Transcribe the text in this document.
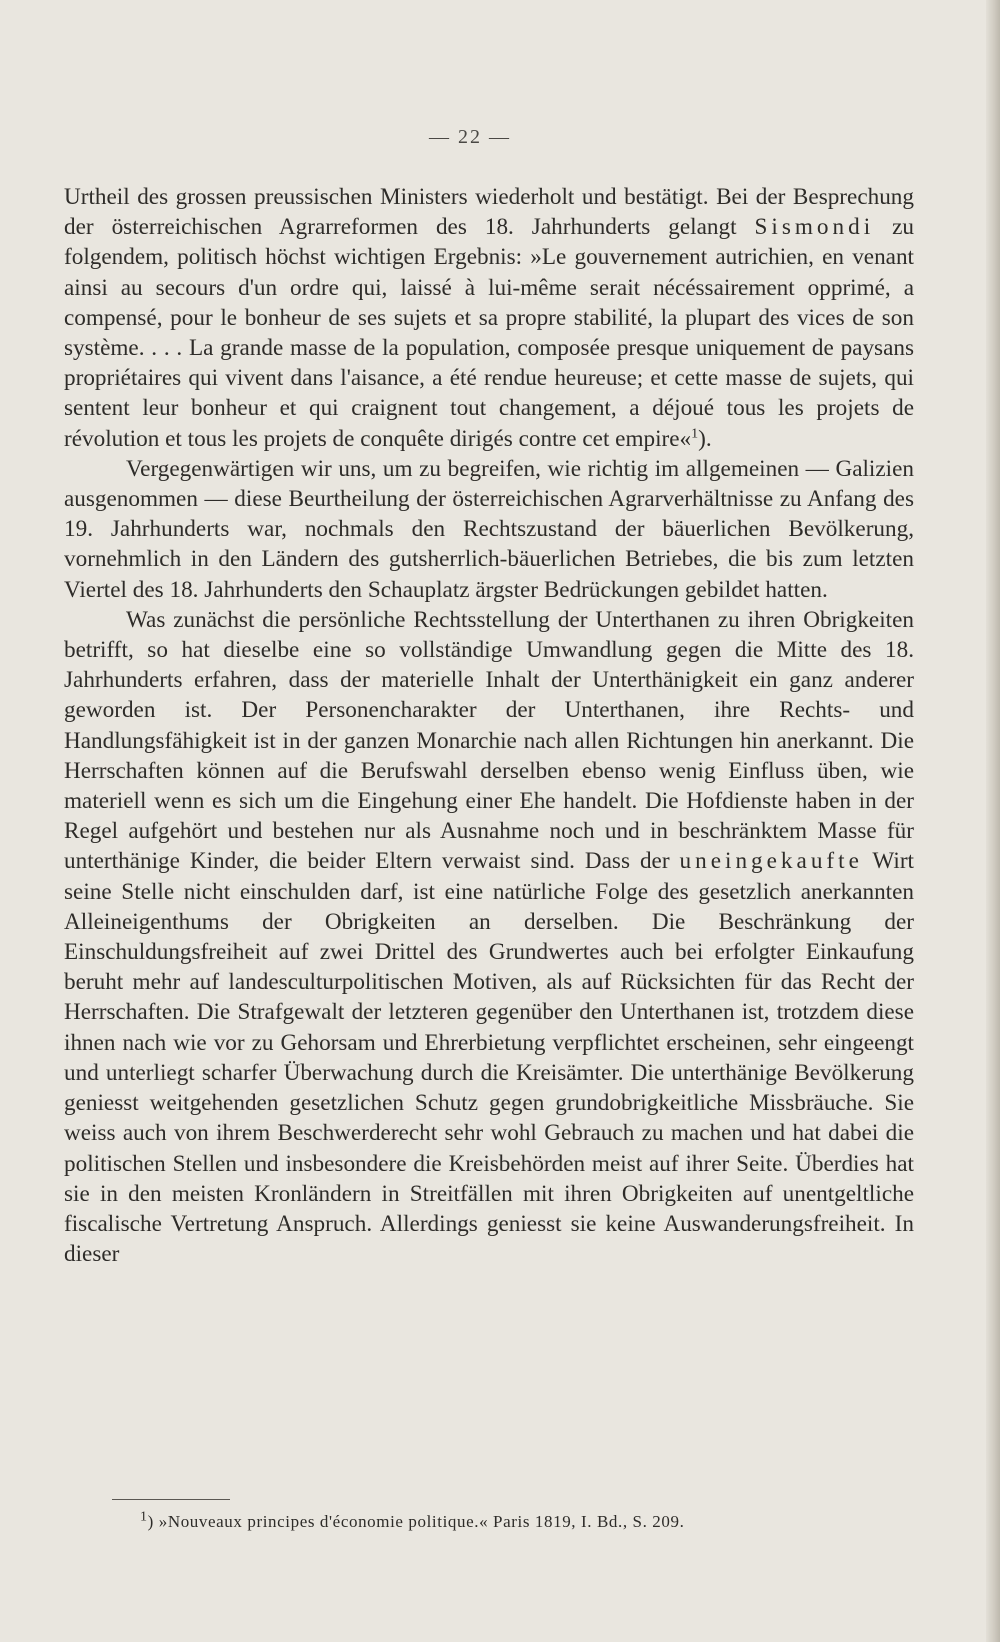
— 22 —

Urtheil des grossen preussischen Ministers wiederholt und bestätigt. Bei der Besprechung der österreichischen Agrarreformen des 18. Jahrhunderts gelangt Sismondi zu folgendem, politisch höchst wichtigen Ergebnis: »Le gouvernement autrichien, en venant ainsi au secours d'un ordre qui, laissé à lui-même serait nécéssairement opprimé, a compensé, pour le bonheur de ses sujets et sa propre stabilité, la plupart des vices de son système. . . . La grande masse de la population, composée presque uniquement de paysans propriétaires qui vivent dans l'aisance, a été rendue heureuse; et cette masse de sujets, qui sentent leur bonheur et qui craignent tout changement, a déjoué tous les projets de révolution et tous les projets de conquête dirigés contre cet empire«$^1$).

Vergegenwärtigen wir uns, um zu begreifen, wie richtig im allgemeinen — Galizien ausgenommen — diese Beurtheilung der österreichischen Agrarverhältnisse zu Anfang des 19. Jahrhunderts war, nochmals den Rechtszustand der bäuerlichen Bevölkerung, vornehmlich in den Ländern des gutsherrlich-bäuerlichen Betriebes, die bis zum letzten Viertel des 18. Jahrhunderts den Schauplatz ärgster Bedrückungen gebildet hatten.

Was zunächst die persönliche Rechtsstellung der Unterthanen zu ihren Obrigkeiten betrifft, so hat dieselbe eine so vollständige Umwandlung gegen die Mitte des 18. Jahrhunderts erfahren, dass der materielle Inhalt der Unterthänigkeit ein ganz anderer geworden ist. Der Personencharakter der Unterthanen, ihre Rechts- und Handlungsfähigkeit ist in der ganzen Monarchie nach allen Richtungen hin anerkannt. Die Herrschaften können auf die Berufswahl derselben ebenso wenig Einfluss üben, wie materiell wenn es sich um die Eingehung einer Ehe handelt. Die Hofdienste haben in der Regel aufgehört und bestehen nur als Ausnahme noch und in beschränktem Masse für unterthänige Kinder, die beider Eltern verwaist sind. Dass der uneingekaufte Wirt seine Stelle nicht einschulden darf, ist eine natürliche Folge des gesetzlich anerkannten Alleineigenthums der Obrigkeiten an derselben. Die Beschränkung der Einschuldungsfreiheit auf zwei Drittel des Grundwertes auch bei erfolgter Einkaufung beruht mehr auf landesculturpolitischen Motiven, als auf Rücksichten für das Recht der Herrschaften. Die Strafgewalt der letzteren gegenüber den Unterthanen ist, trotzdem diese ihnen nach wie vor zu Gehorsam und Ehrerbietung verpflichtet erscheinen, sehr eingeengt und unterliegt scharfer Überwachung durch die Kreisämter. Die unterthänige Bevölkerung geniesst weitgehenden gesetzlichen Schutz gegen grundobrigkeitliche Missbräuche. Sie weiss auch von ihrem Beschwerderecht sehr wohl Gebrauch zu machen und hat dabei die politischen Stellen und insbesondere die Kreisbehörden meist auf ihrer Seite. Überdies hat sie in den meisten Kronländern in Streitfällen mit ihren Obrigkeiten auf unentgeltliche fiscalische Vertretung Anspruch. Allerdings geniesst sie keine Auswanderungsfreiheit. In dieser

$^1$) »Nouveaux principes d'économie politique.« Paris 1819, I. Bd., S. 209.
